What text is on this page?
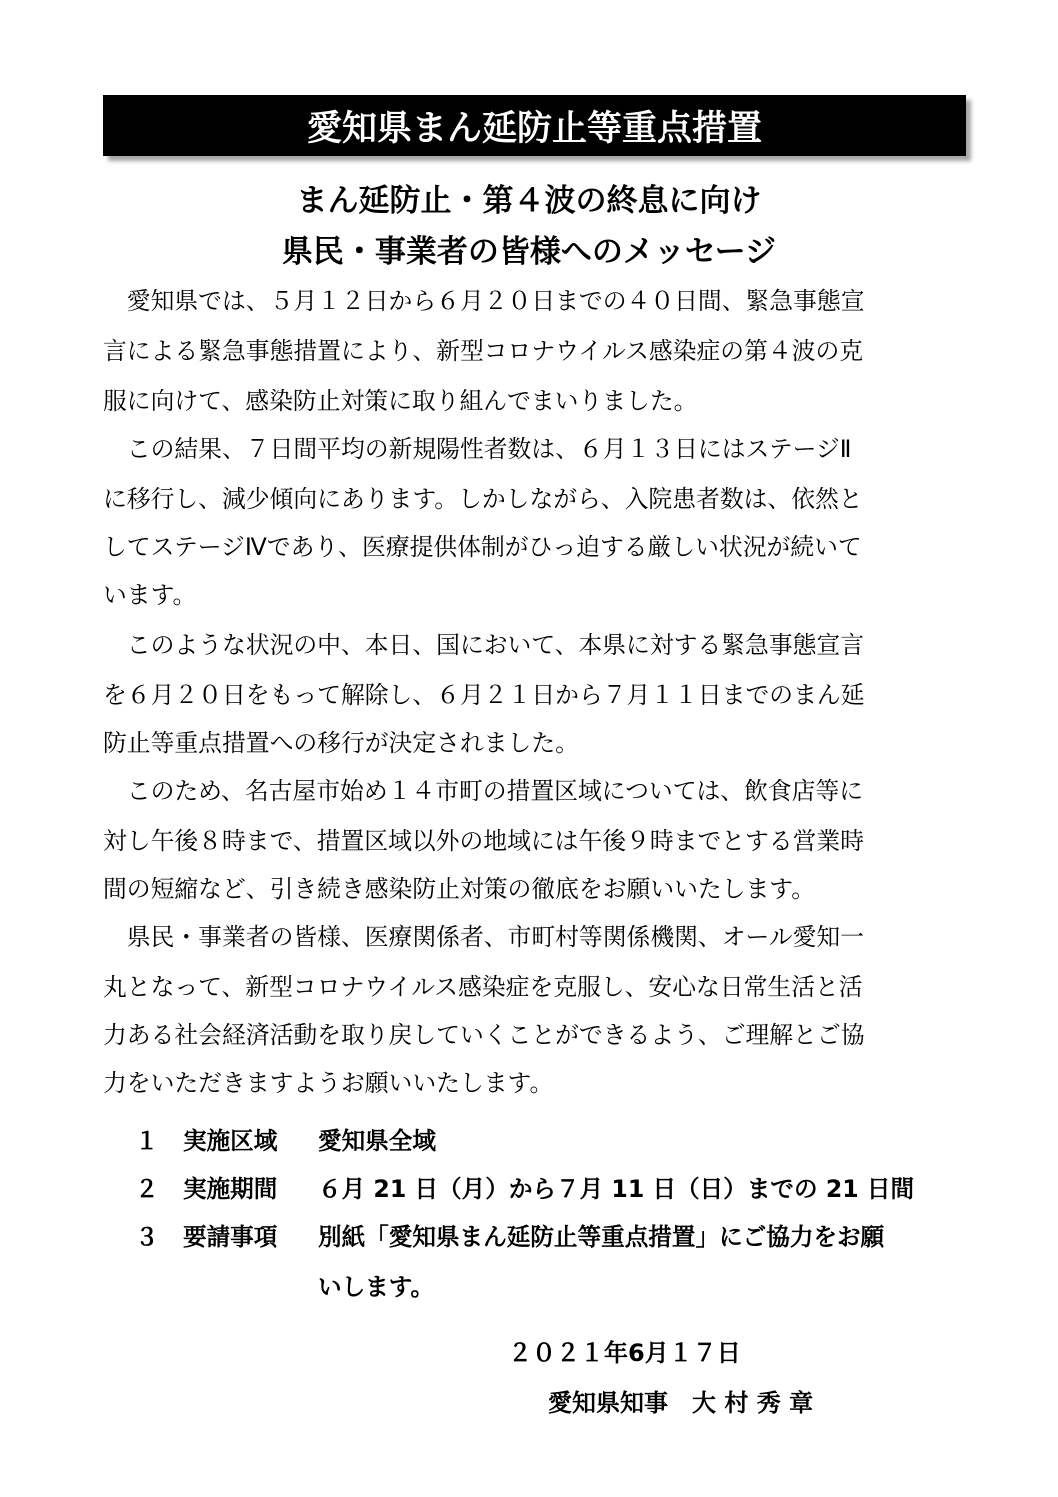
愛知県まん延防止等重点措置
まん延防止・第４波の終息に向け
県民・事業者の皆様へのメッセージ
　愛知県では、５月１２日から６月２０日までの４０日間、緊急事態宣
言による緊急事態措置により、新型コロナウイルス感染症の第４波の克
服に向けて、感染防止対策に取り組んでまいりました。
　この結果、７日間平均の新規陽性者数は、６月１３日にはステージⅡ
に移行し、減少傾向にあります。しかしながら、入院患者数は、依然と
してステージⅣであり、医療提供体制がひっ迫する厳しい状況が続いて
います。
　このような状況の中、本日、国において、本県に対する緊急事態宣言
を６月２０日をもって解除し、６月２１日から７月１１日までのまん延
防止等重点措置への移行が決定されました。
　このため、名古屋市始め１４市町の措置区域については、飲食店等に
対し午後８時まで、措置区域以外の地域には午後９時までとする営業時
間の短縮など、引き続き感染防止対策の徹底をお願いいたします。
　県民・事業者の皆様、医療関係者、市町村等関係機関、オール愛知一
丸となって、新型コロナウイルス感染症を克服し、安心な日常生活と活
力ある社会経済活動を取り戻していくことができるよう、ご理解とご協
力をいただきますようお願いいたします。
１ 実施区域 愛知県全域
２ 実施期間 ６月 21 日（月）から７月 11 日（日）までの 21 日間
３ 要請事項 別紙「愛知県まん延防止等重点措置」にご協力をお願
いします。
２０２１年6月１７日
愛知県知事　大 村 秀 章
